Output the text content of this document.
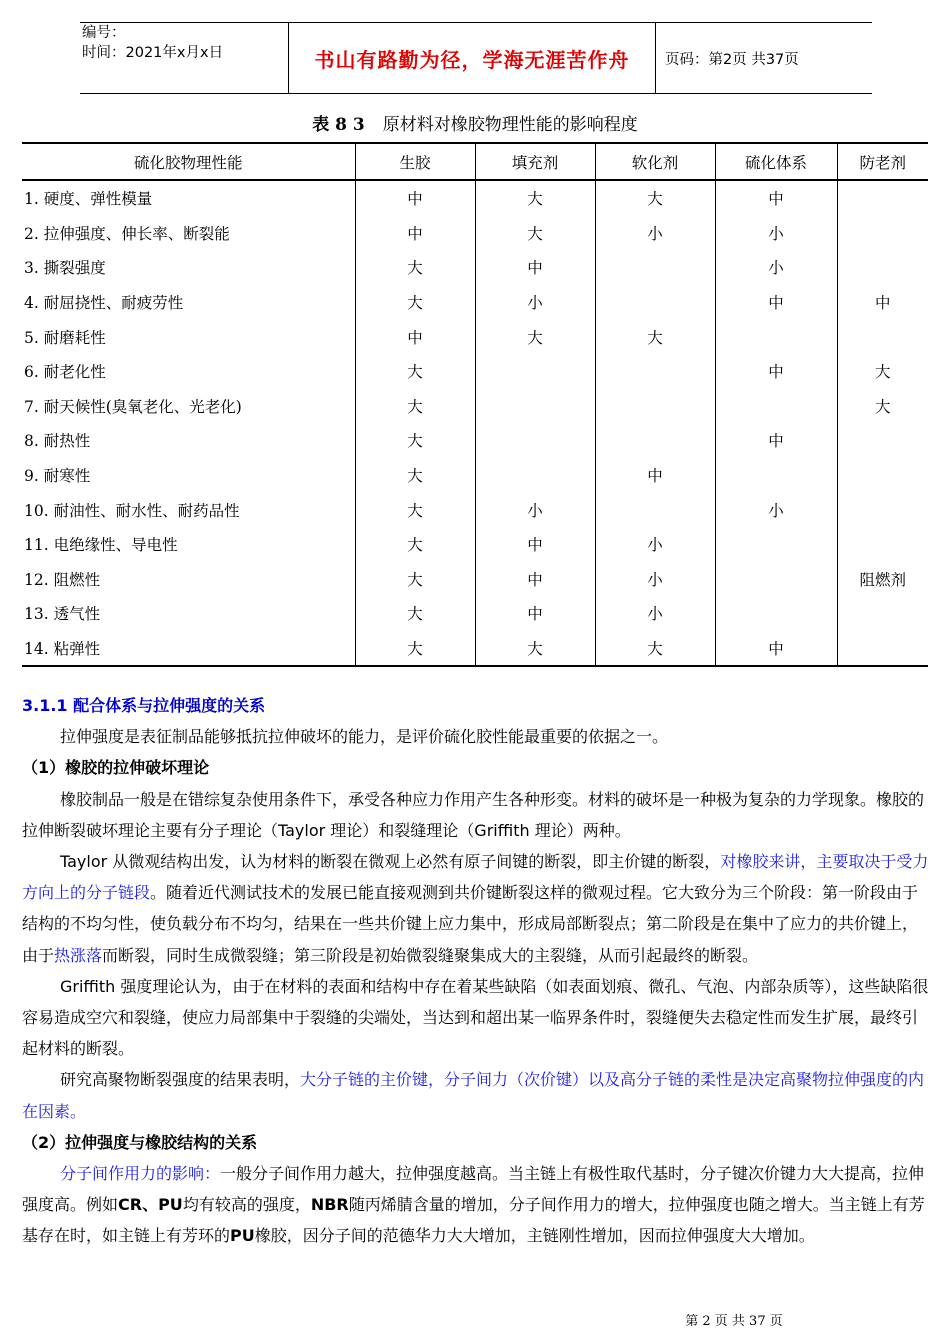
编号：
时间：2021年x月x日	书山有路勤为径，学海无涯苦作舟	页码：第2页 共37页
表 8 3 原材料对橡胶物理性能的影响程度
硫化胶物理性能	生胶	填充剂	软化剂	硫化体系	防老剂
1. 硬度、弹性模量	中	大	大	中	
2. 拉伸强度、伸长率、断裂能	中	大	小	小	
3. 撕裂强度	大	中		小	
4. 耐屈挠性、耐疲劳性	大	小		中	中
5. 耐磨耗性	中	大	大		
6. 耐老化性	大			中	大
7. 耐天候性(臭氧老化、光老化)	大				大
8. 耐热性	大			中	
9. 耐寒性	大		中		
10. 耐油性、耐水性、耐药品性	大	小		小	
11. 电绝缘性、导电性	大	中	小		
12. 阻燃性	大	中	小		阻燃剂
13. 透气性	大	中	小		
14. 粘弹性	大	大	大	中	

3.1.1 配合体系与拉伸强度的关系

拉伸强度是表征制品能够抵抗拉伸破坏的能力，是评价硫化胶性能最重要的依据之一。

（1）橡胶的拉伸破坏理论

橡胶制品一般是在错综复杂使用条件下，承受各种应力作用产生各种形变。材料的破坏是一种极为复杂的力学现象。橡胶的拉伸断裂破坏理论主要有分子理论（Taylor 理论）和裂缝理论（Griffith 理论）两种。

Taylor 从微观结构出发，认为材料的断裂在微观上必然有原子间键的断裂，即主价键的断裂，对橡胶来讲，主要取决于受力方向上的分子链段。随着近代测试技术的发展已能直接观测到共价键断裂这样的微观过程。它大致分为三个阶段：第一阶段由于结构的不均匀性，使负载分布不均匀，结果在一些共价键上应力集中，形成局部断裂点；第二阶段是在集中了应力的共价键上，由于热涨落而断裂，同时生成微裂缝；第三阶段是初始微裂缝聚集成大的主裂缝，从而引起最终的断裂。

Griffith 强度理论认为，由于在材料的表面和结构中存在着某些缺陷（如表面划痕、微孔、气泡、内部杂质等），这些缺陷很容易造成空穴和裂缝，使应力局部集中于裂缝的尖端处，当达到和超出某一临界条件时，裂缝便失去稳定性而发生扩展，最终引起材料的断裂。

研究高聚物断裂强度的结果表明，大分子链的主价键，分子间力（次价键）以及高分子链的柔性是决定高聚物拉伸强度的内在因素。

（2）拉伸强度与橡胶结构的关系

分子间作用力的影响：一般分子间作用力越大，拉伸强度越高。当主链上有极性取代基时，分子键次价键力大大提高，拉伸强度高。例如CR、PU均有较高的强度，NBR随丙烯腈含量的增加，分子间作用力的增大，拉伸强度也随之增大。当主链上有芳基存在时，如主链上有芳环的PU橡胶，因分子间的范德华力大大增加，主链刚性增加，因而拉伸强度大大增加。

第 2 页 共 37 页
